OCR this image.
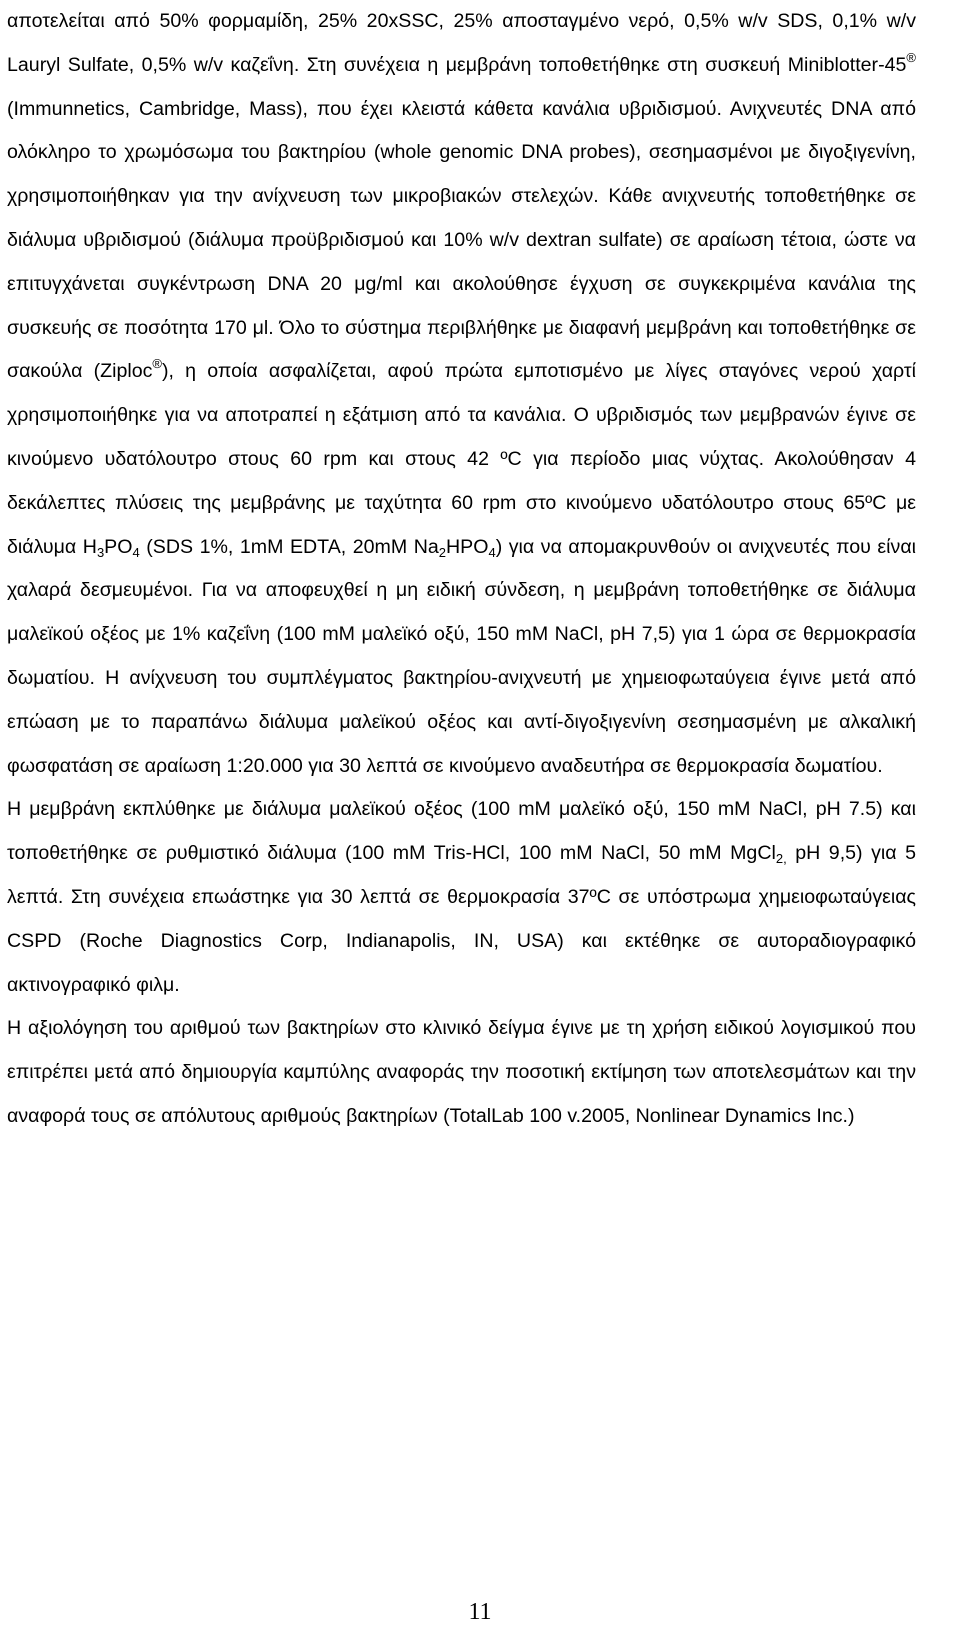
αποτελείται από 50% φορμαμίδη, 25% 20xSSC, 25% αποσταγμένο νερό, 0,5% w/v SDS, 0,1% w/v Lauryl Sulfate, 0,5% w/v καζεΐνη. Στη συνέχεια η μεμβράνη τοποθετήθηκε στη συσκευή Miniblotter-45® (Immunnetics, Cambridge, Mass), που έχει κλειστά κάθετα κανάλια υβριδισμού. Ανιχνευτές DNA από ολόκληρο το χρωμόσωμα του βακτηρίου (whole genomic DNA probes), σεσημασμένοι με διγοξιγενίνη, χρησιμοποιήθηκαν για την ανίχνευση των μικροβιακών στελεχών. Κάθε ανιχνευτής τοποθετήθηκε σε διάλυμα υβριδισμού (διάλυμα προϋβριδισμού και 10% w/v dextran sulfate) σε αραίωση τέτοια, ώστε να επιτυγχάνεται συγκέντρωση DNA 20 μg/ml και ακολούθησε έγχυση σε συγκεκριμένα κανάλια της συσκευής σε ποσότητα 170 μl. Όλο το σύστημα περιβλήθηκε με διαφανή μεμβράνη και τοποθετήθηκε σε σακούλα (Ziploc®), η οποία ασφαλίζεται, αφού πρώτα εμποτισμένο με λίγες σταγόνες νερού χαρτί χρησιμοποιήθηκε για να αποτραπεί η εξάτμιση από τα κανάλια. Ο υβριδισμός των μεμβρανών έγινε σε κινούμενο υδατόλουτρο στους 60 rpm και στους 42 ºC για περίοδο μιας νύχτας. Ακολούθησαν 4 δεκάλεπτες πλύσεις της μεμβράνης με ταχύτητα 60 rpm στο κινούμενο υδατόλουτρο στους 65ºC με διάλυμα $H_3PO_4$ (SDS 1%, 1mM EDTA, 20mM $Na_2HPO_4$) για να απομακρυνθούν οι ανιχνευτές που είναι χαλαρά δεσμευμένοι. Για να αποφευχθεί η μη ειδική σύνδεση, η μεμβράνη τοποθετήθηκε σε διάλυμα μαλεϊκού οξέος με 1% καζεΐνη (100 mM μαλεϊκό οξύ, 150 mM NaCl, pH 7,5) για 1 ώρα σε θερμοκρασία δωματίου. Η ανίχνευση του συμπλέγματος βακτηρίου-ανιχνευτή με χημειοφωταύγεια έγινε μετά από επώαση με το παραπάνω διάλυμα μαλεϊκού οξέος και αντί-διγοξιγενίνη σεσημασμένη με αλκαλική φωσφατάση σε αραίωση 1:20.000 για 30 λεπτά σε κινούμενο αναδευτήρα σε θερμοκρασία δωματίου.

Η μεμβράνη εκπλύθηκε με διάλυμα μαλεϊκού οξέος (100 mM μαλεϊκό οξύ, 150 mM NaCl, pH 7.5) και τοποθετήθηκε σε ρυθμιστικό διάλυμα (100 mM Tris-HCl, 100 mM NaCl, 50 mM MgCl$_{2,}$ pH 9,5) για 5 λεπτά. Στη συνέχεια επωάστηκε για 30 λεπτά σε θερμοκρασία 37ºC σε υπόστρωμα χημειοφωταύγειας CSPD (Roche Diagnostics Corp, Indianapolis, IN, USA) και εκτέθηκε σε αυτοραδιογραφικό ακτινογραφικό φιλμ.

Η αξιολόγηση του αριθμού των βακτηρίων στο κλινικό δείγμα έγινε με τη χρήση ειδικού λογισμικού που επιτρέπει μετά από δημιουργία καμπύλης αναφοράς την ποσοτική εκτίμηση των αποτελεσμάτων και την αναφορά τους σε απόλυτους αριθμούς βακτηρίων (TotalLab 100 v.2005, Nonlinear Dynamics Inc.)

11
